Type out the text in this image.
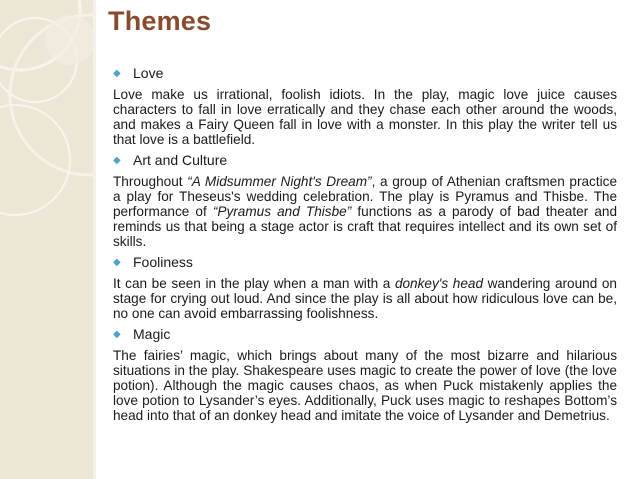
Themes
◆ Love

Love make us irrational, foolish idiots. In the play, magic love juice causes characters to fall in love erratically and they chase each other around the woods, and makes a Fairy Queen fall in love with a monster. In this play the writer tell us that love is a battlefield.

◆ Art and Culture

Throughout “A Midsummer Night's Dream”, a group of Athenian craftsmen practice a play for Theseus's wedding celebration. The play is Pyramus and Thisbe. The performance of “Pyramus and Thisbe” functions as a parody of bad theater and reminds us that being a stage actor is craft that requires intellect and its own set of skills.

◆ Fooliness

It can be seen in the play when a man with a donkey's head wandering around on stage for crying out loud. And since the play is all about how ridiculous love can be, no one can avoid embarrassing foolishness.

◆ Magic

The fairies’ magic, which brings about many of the most bizarre and hilarious situations in the play. Shakespeare uses magic to create the power of love (the love potion). Although the magic causes chaos, as when Puck mistakenly applies the love potion to Lysander’s eyes. Additionally, Puck uses magic to reshapes Bottom’s head into that of an donkey head and imitate the voice of Lysander and Demetrius.
